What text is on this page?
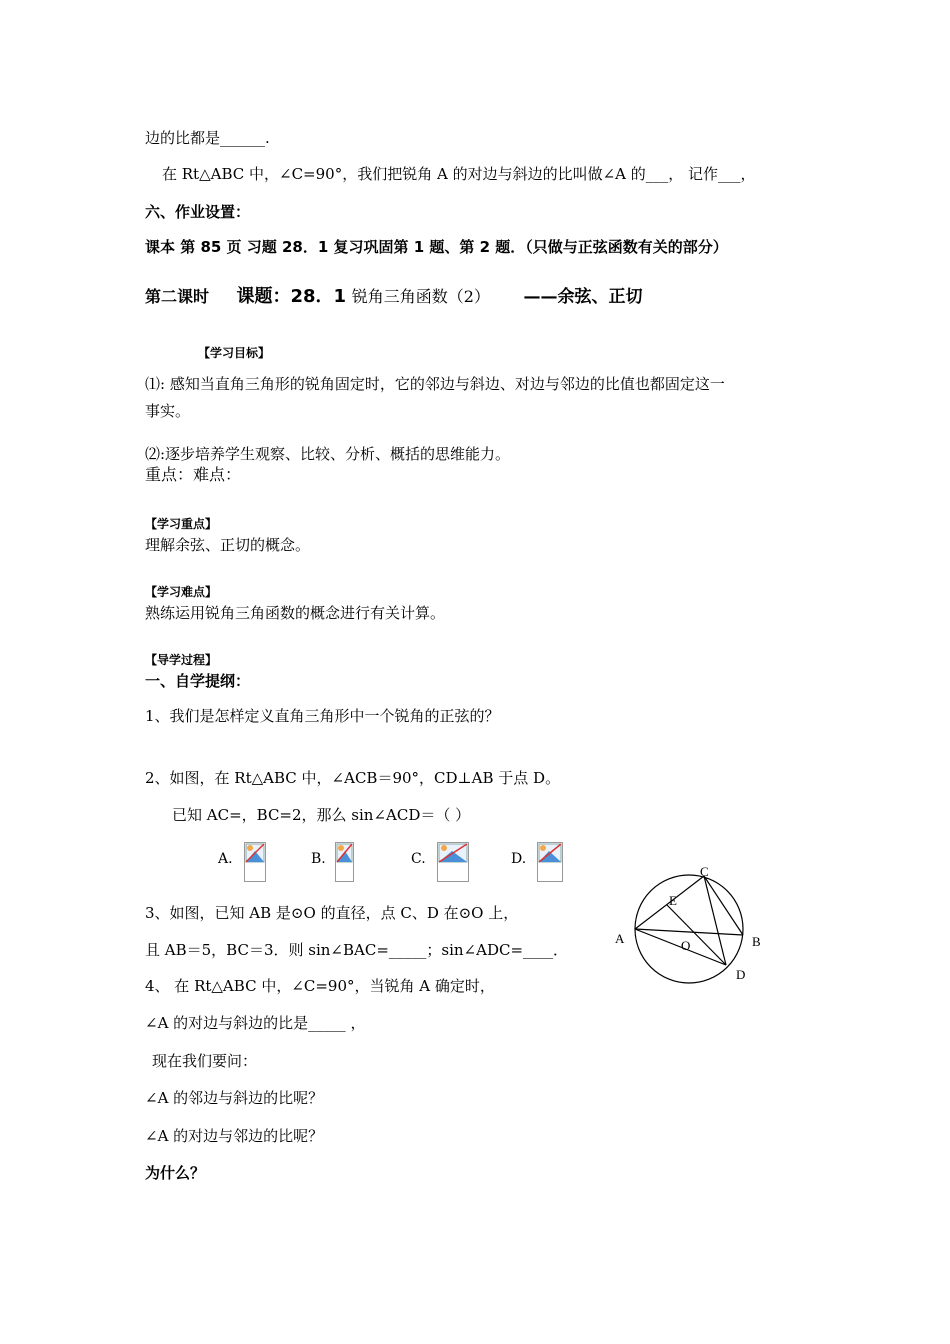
边的比都是______.
在 Rt△ABC 中，∠C=90°，我们把锐角 A 的对边与斜边的比叫做∠A 的___， 记作___，
六、作业设置：
课本 第 85 页 习题 28．1 复习巩固第 1 题、第 2 题．（只做与正弦函数有关的部分）
第二课时 课题：28．1 锐角三角函数（2） ——余弦、正切
【学习目标】
⑴: 感知当直角三角形的锐角固定时，它的邻边与斜边、对边与邻边的比值也都固定这一
事实。
⑵:逐步培养学生观察、比较、分析、概括的思维能力。
重点：难点：
【学习重点】
理解余弦、正切的概念。
【学习难点】
熟练运用锐角三角函数的概念进行有关计算。
【导学过程】
一、自学提纲：
1、我们是怎样定义直角三角形中一个锐角的正弦的？
2、如图，在 Rt△ABC 中，∠ACB＝90°，CD⊥AB 于点 D。
已知 AC=，BC=2，那么 sin∠ACD＝（ ）
A.	B.	C.	D.
3、如图，已知 AB 是⊙O 的直径，点 C、D 在⊙O 上，
且 AB＝5，BC＝3．则 sin∠BAC=_____；sin∠ADC=____．
4、 在 Rt△ABC 中，∠C=90°，当锐角 A 确定时，
∠A 的对边与斜边的比是_____ ，
现在我们要问：
∠A 的邻边与斜边的比呢？
∠A 的对边与邻边的比呢？
为什么？
C
E
A	O	B
D
